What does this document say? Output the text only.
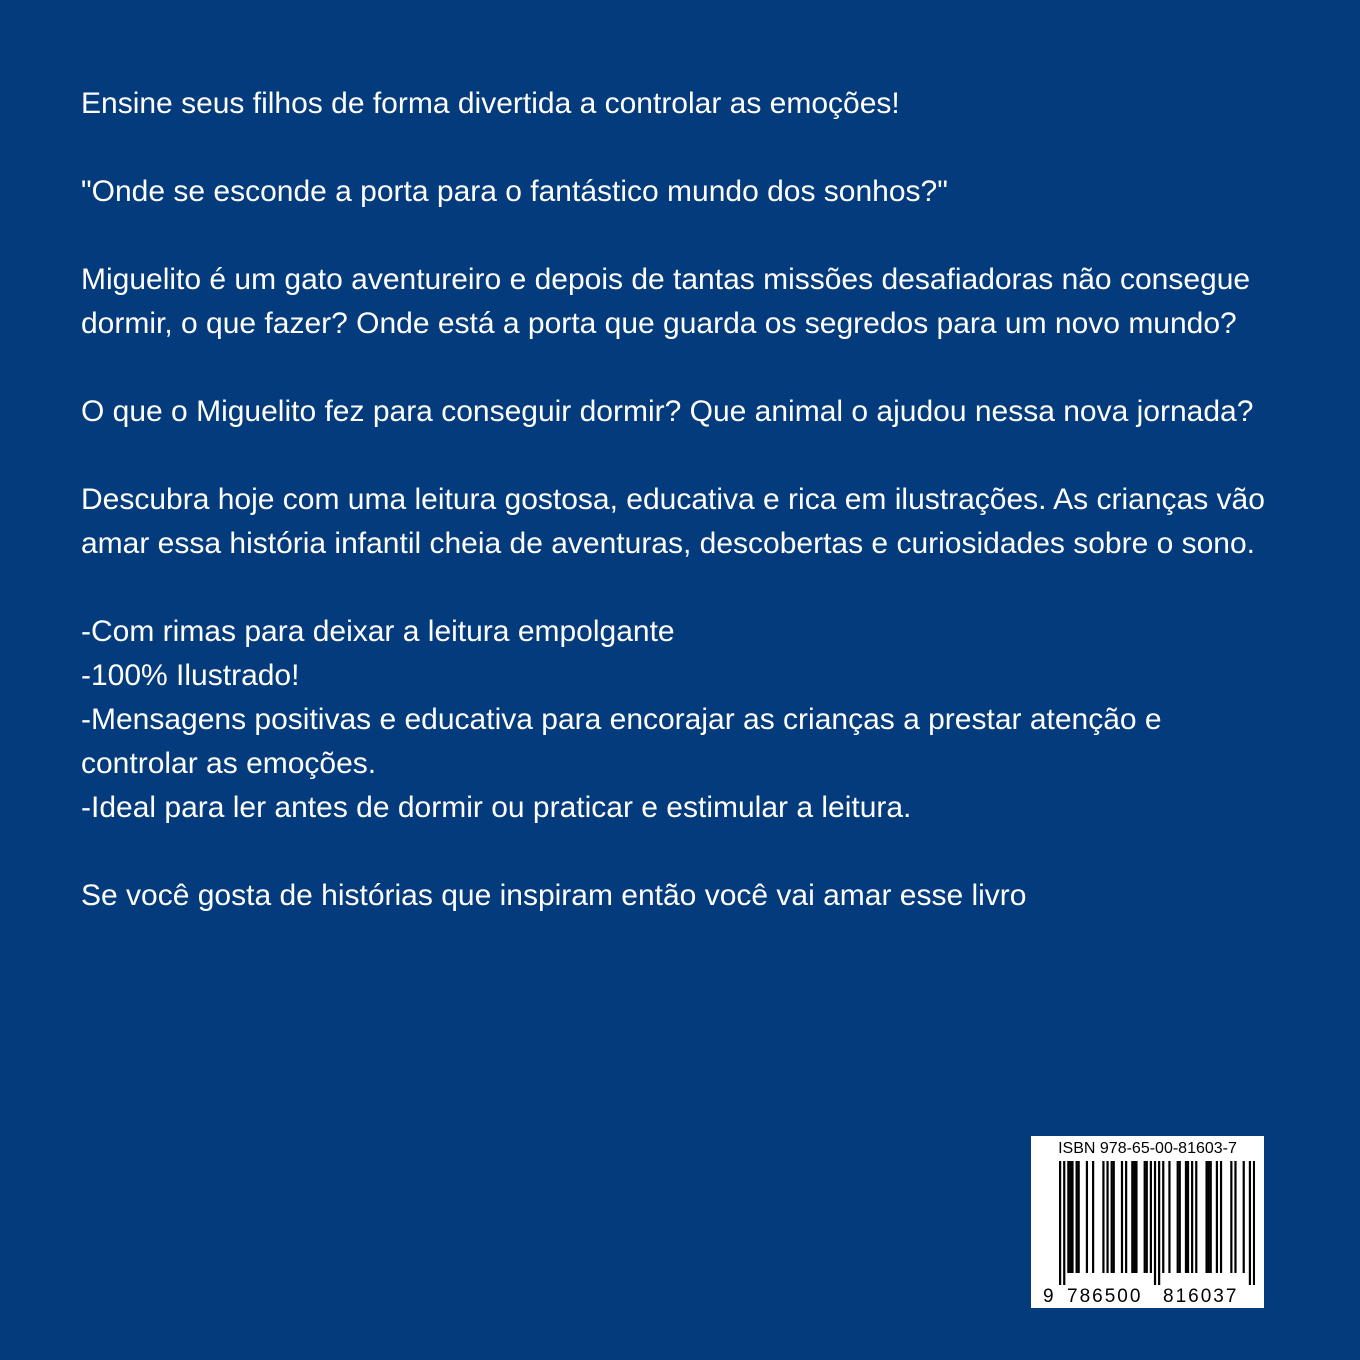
Ensine seus filhos de forma divertida a controlar as emoções!

"Onde se esconde a porta para o fantástico mundo dos sonhos?"

Miguelito é um gato aventureiro e depois de tantas missões desafiadoras não consegue dormir, o que fazer? Onde está a porta que guarda os segredos para um novo mundo?

O que o Miguelito fez para conseguir dormir? Que animal o ajudou nessa nova jornada?

Descubra hoje com uma leitura gostosa, educativa e rica em ilustrações. As crianças vão amar essa história infantil cheia de aventuras, descobertas e curiosidades sobre o sono.

-Com rimas para deixar a leitura empolgante
-100% Ilustrado!
-Mensagens positivas e educativa para encorajar as crianças a prestar atenção e controlar as emoções.
-Ideal para ler antes de dormir ou praticar e estimular a leitura.

Se você gosta de histórias que inspiram então você vai amar esse livro

ISBN 978-65-00-81603-7
9 786500 816037
